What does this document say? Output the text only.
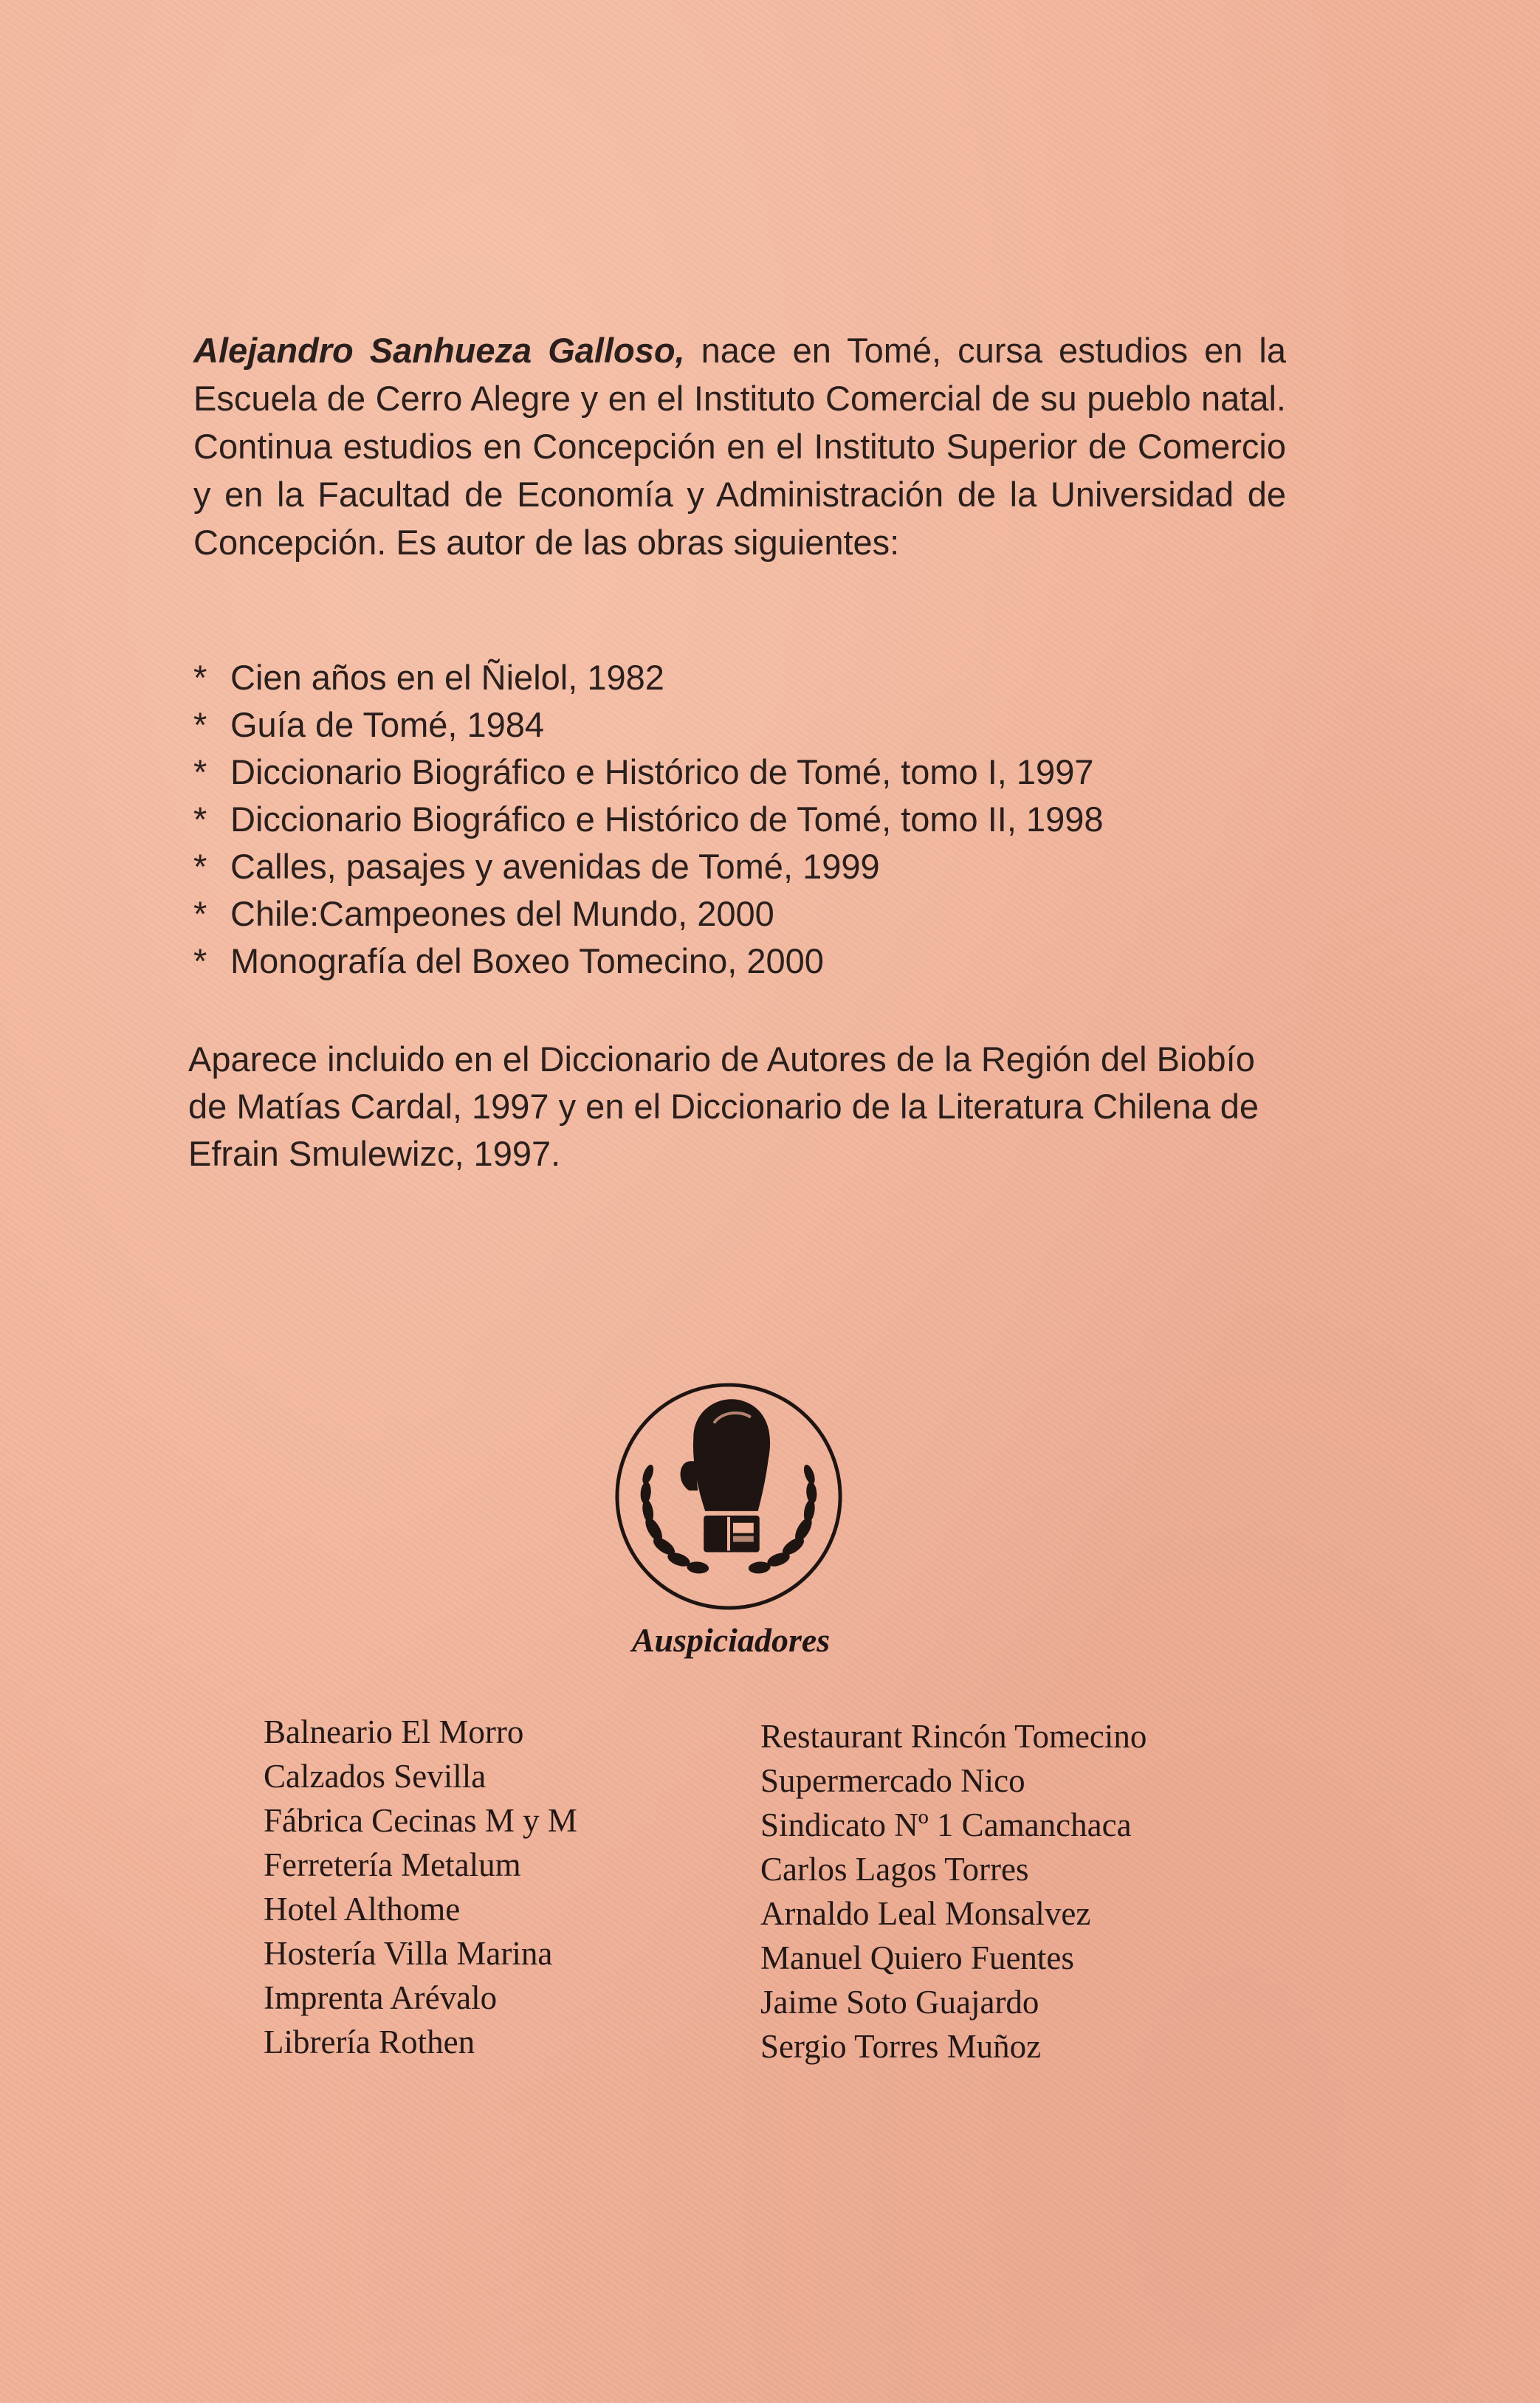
Alejandro Sanhueza Galloso, nace en Tomé, cursa estudios en la Escuela de Cerro Alegre y en el Instituto Comercial de su pueblo natal. Continua estudios en Concepción en el Instituto Superior de Comercio y en la Facultad de Economía y Administración de la Universidad de Concepción. Es autor de las obras siguientes:

* Cien años en el Ñielol, 1982
* Guía de Tomé, 1984
* Diccionario Biográfico e Histórico de Tomé, tomo I, 1997
* Diccionario Biográfico e Histórico de Tomé, tomo II, 1998
* Calles, pasajes y avenidas de Tomé, 1999
* Chile:Campeones del Mundo, 2000
* Monografía del Boxeo Tomecino, 2000

Aparece incluido en el Diccionario de Autores de la Región del Biobío de Matías Cardal, 1997 y en el Diccionario de la Literatura Chilena de Efrain Smulewizc, 1997.

Auspiciadores
Balneario El Morro
Calzados Sevilla
Fábrica Cecinas M y M
Ferretería Metalum
Hotel Althome
Hostería Villa Marina
Imprenta Arévalo
Librería Rothen
Restaurant Rincón Tomecino
Supermercado Nico
Sindicato Nº 1 Camanchaca
Carlos Lagos Torres
Arnaldo Leal Monsalvez
Manuel Quiero Fuentes
Jaime Soto Guajardo
Sergio Torres Muñoz
